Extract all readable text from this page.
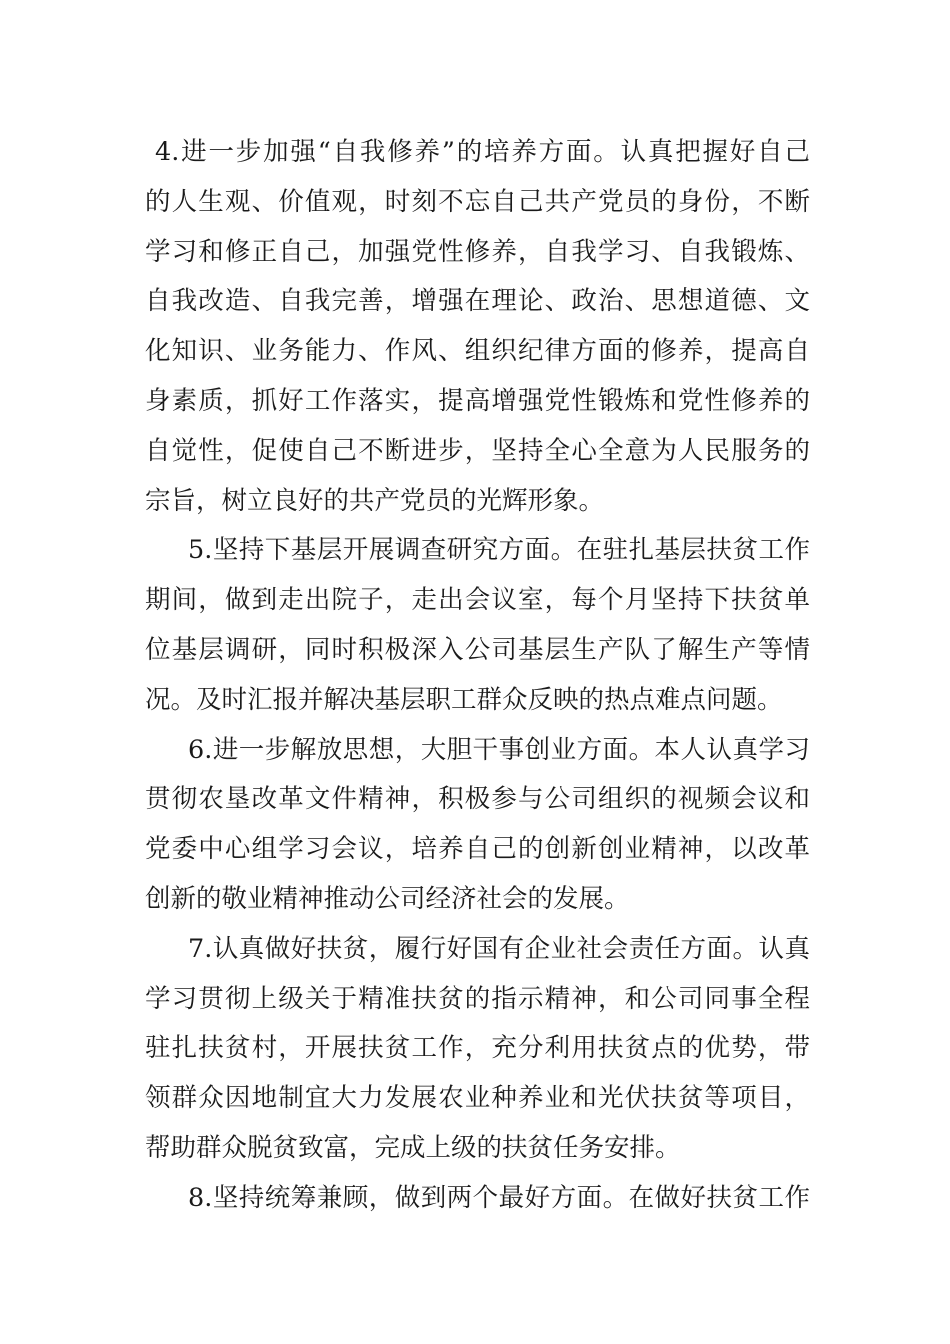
4.进一步加强“自我修养”的培养方面。认真把握好自己
的人生观、价值观，时刻不忘自己共产党员的身份，不断
学习和修正自己，加强党性修养，自我学习、自我锻炼、
自我改造、自我完善，增强在理论、政治、思想道德、文
化知识、业务能力、作风、组织纪律方面的修养，提高自
身素质，抓好工作落实，提高增强党性锻炼和党性修养的
自觉性，促使自己不断进步，坚持全心全意为人民服务的
宗旨，树立良好的共产党员的光辉形象。
5.坚持下基层开展调查研究方面。在驻扎基层扶贫工作
期间，做到走出院子，走出会议室，每个月坚持下扶贫单
位基层调研，同时积极深入公司基层生产队了解生产等情
况。及时汇报并解决基层职工群众反映的热点难点问题。
6.进一步解放思想，大胆干事创业方面。本人认真学习
贯彻农垦改革文件精神，积极参与公司组织的视频会议和
党委中心组学习会议，培养自己的创新创业精神，以改革
创新的敬业精神推动公司经济社会的发展。
7.认真做好扶贫，履行好国有企业社会责任方面。认真
学习贯彻上级关于精准扶贫的指示精神，和公司同事全程
驻扎扶贫村，开展扶贫工作，充分利用扶贫点的优势，带
领群众因地制宜大力发展农业种养业和光伏扶贫等项目，
帮助群众脱贫致富，完成上级的扶贫任务安排。
8.坚持统筹兼顾，做到两个最好方面。在做好扶贫工作
